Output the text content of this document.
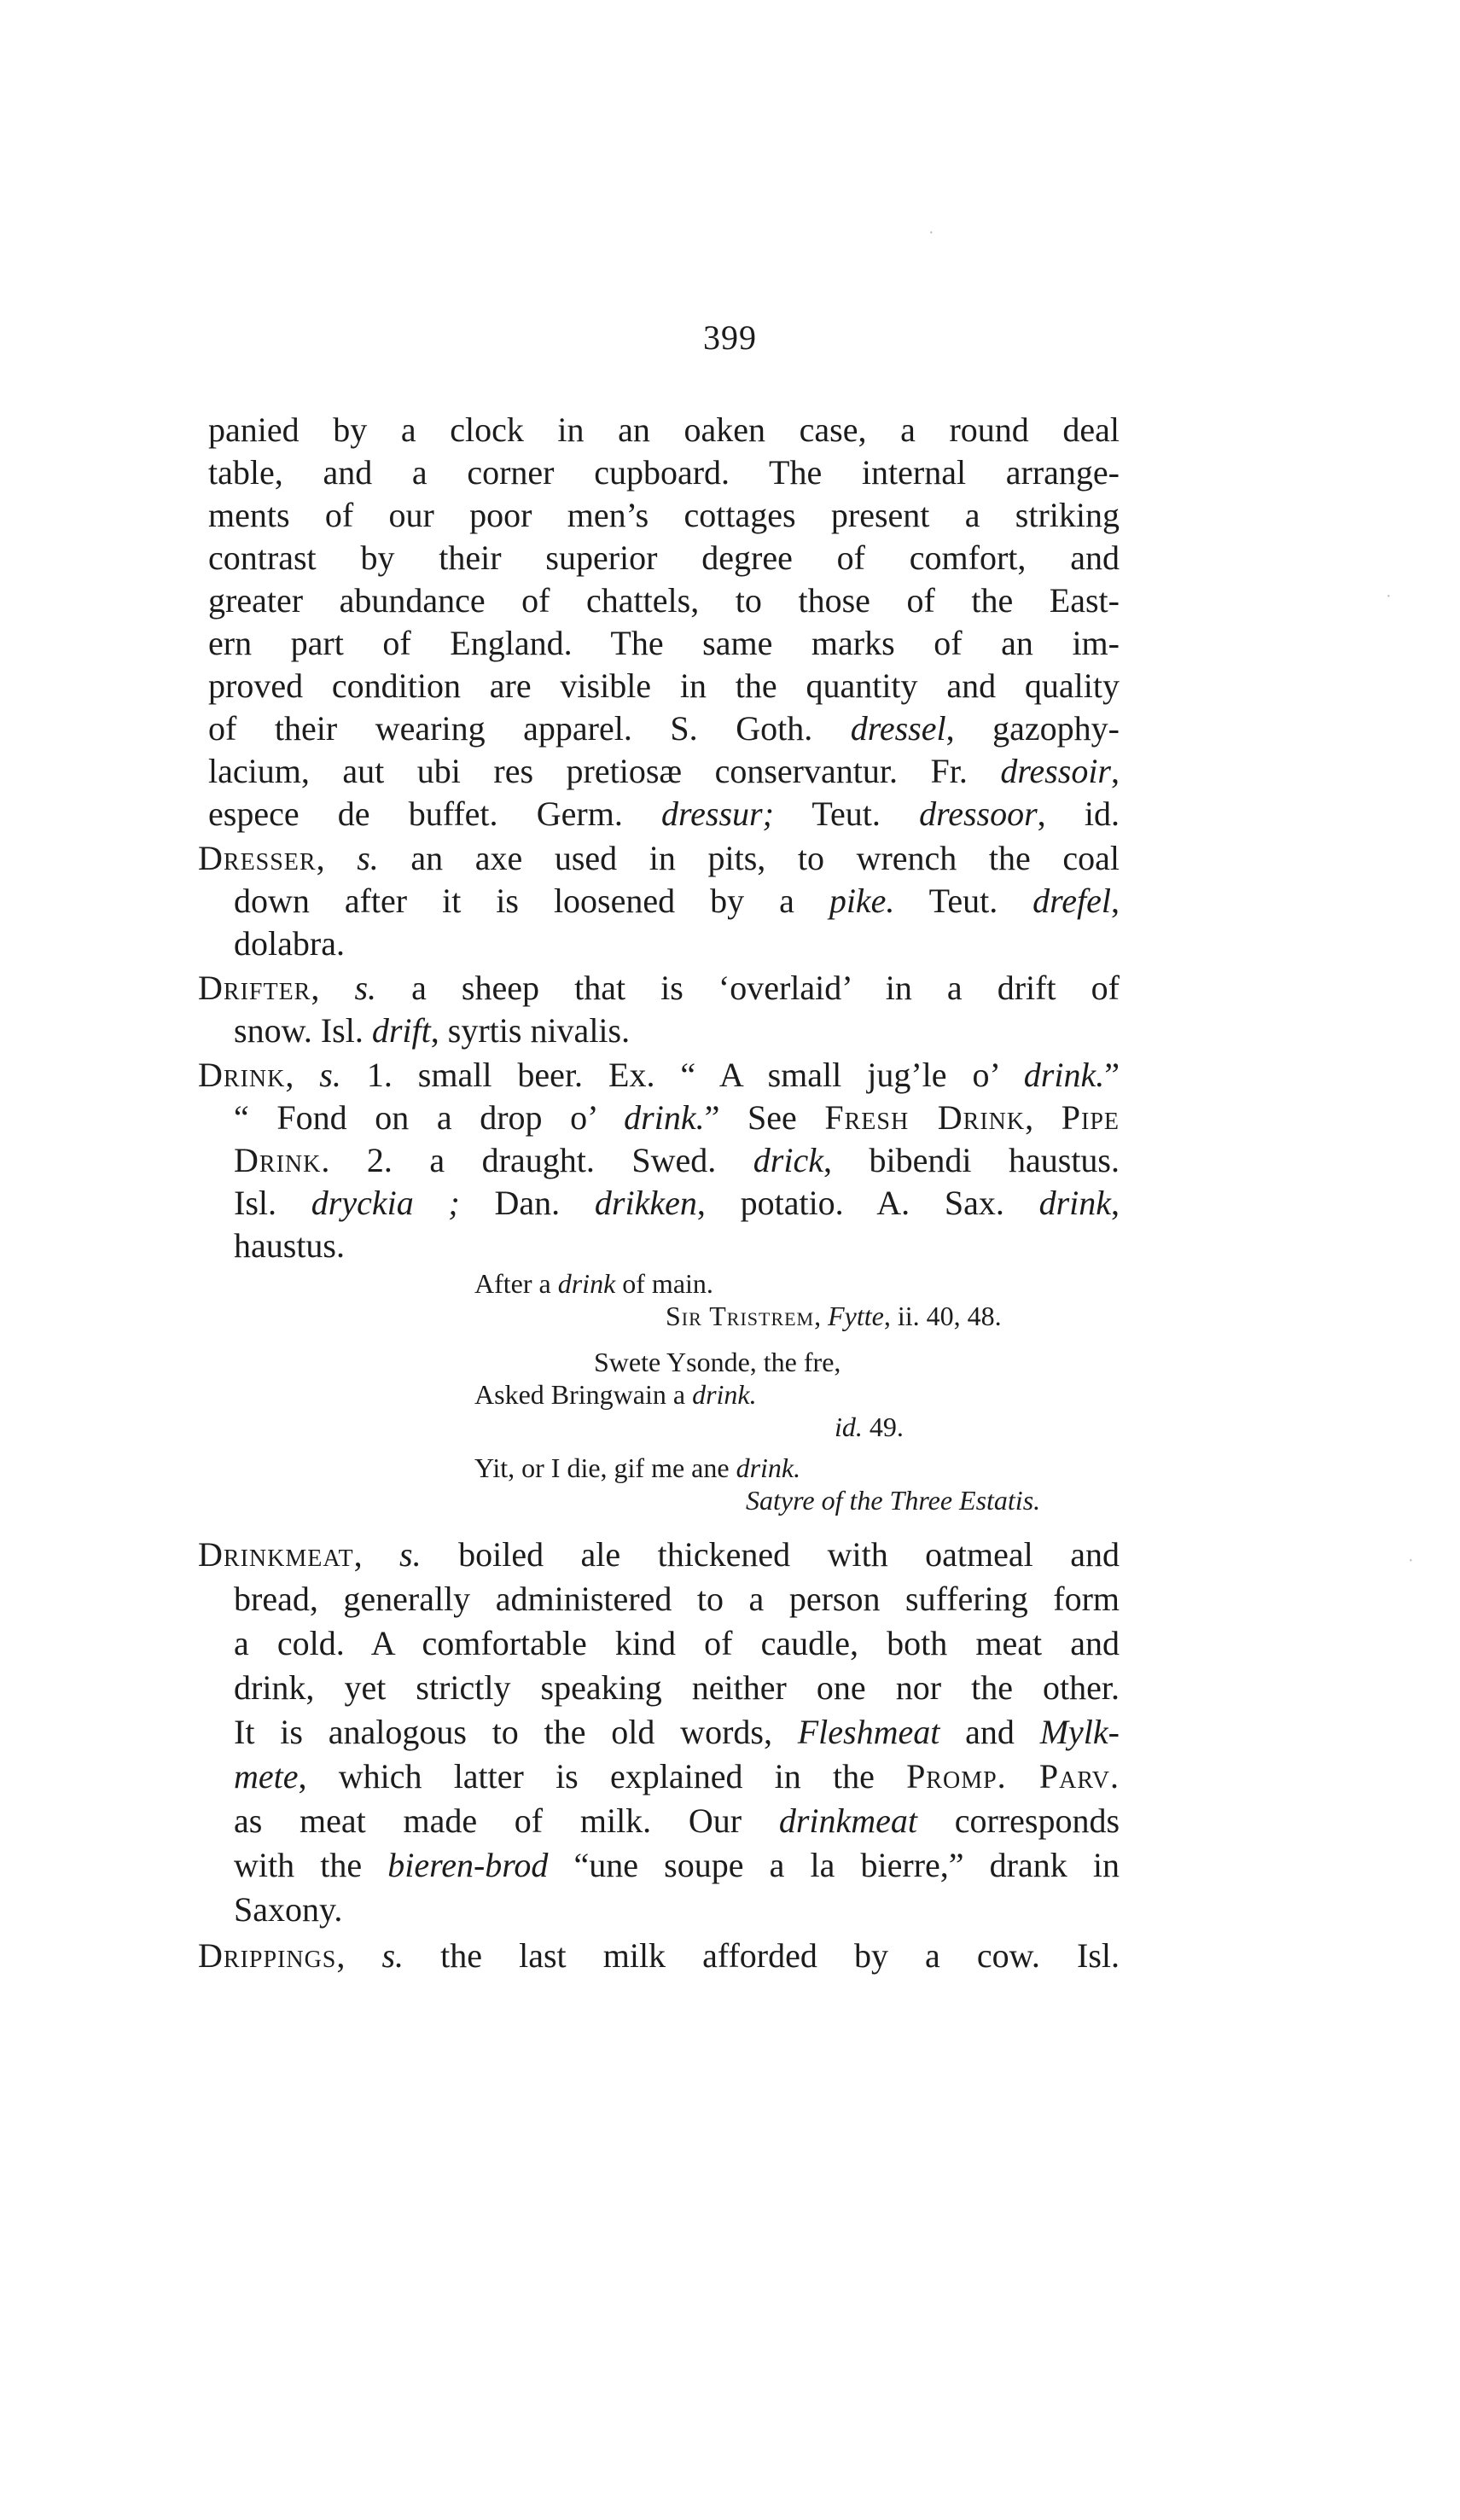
·
·
·
399
panied by a clock in an oaken case, a round deal
table, and a corner cupboard. The internal arrange-
ments of our poor men’s cottages present a striking
contrast by their superior degree of comfort, and
greater abundance of chattels, to those of the East-
ern part of England. The same marks of an im-
proved condition are visible in the quantity and quality
of their wearing apparel. S. Goth. dressel, gazophy-
lacium, aut ubi res pretiosæ conservantur. Fr. dressoir,
espece de buffet. Germ. dressur; Teut. dressoor, id.
Dresser, s. an axe used in pits, to wrench the coal
down after it is loosened by a pike. Teut. drefel,
dolabra.
Drifter, s. a sheep that is ‘overlaid’ in a drift of
snow. Isl. drift, syrtis nivalis.
Drink, s. 1. small beer. Ex. “ A small jug’le o’ drink.”
“ Fond on a drop o’ drink.” See Fresh Drink, Pipe
Drink. 2. a draught. Swed. drick, bibendi haustus.
Isl. dryckia ; Dan. drikken, potatio. A. Sax. drink,
haustus.
After a drink of main.
Sir Tristrem, Fytte, ii. 40, 48.
Swete Ysonde, the fre,
Asked Bringwain a drink.
id. 49.
Yit, or I die, gif me ane drink.
Satyre of the Three Estatis.
Drinkmeat, s. boiled ale thickened with oatmeal and
bread, generally administered to a person suffering form
a cold. A comfortable kind of caudle, both meat and
drink, yet strictly speaking neither one nor the other.
It is analogous to the old words, Fleshmeat and Mylk-
mete, which latter is explained in the Promp. Parv.
as meat made of milk. Our drinkmeat corresponds
with the bieren-brod “une soupe a la bierre,” drank in
Saxony.
Drippings, s. the last milk afforded by a cow. Isl.
